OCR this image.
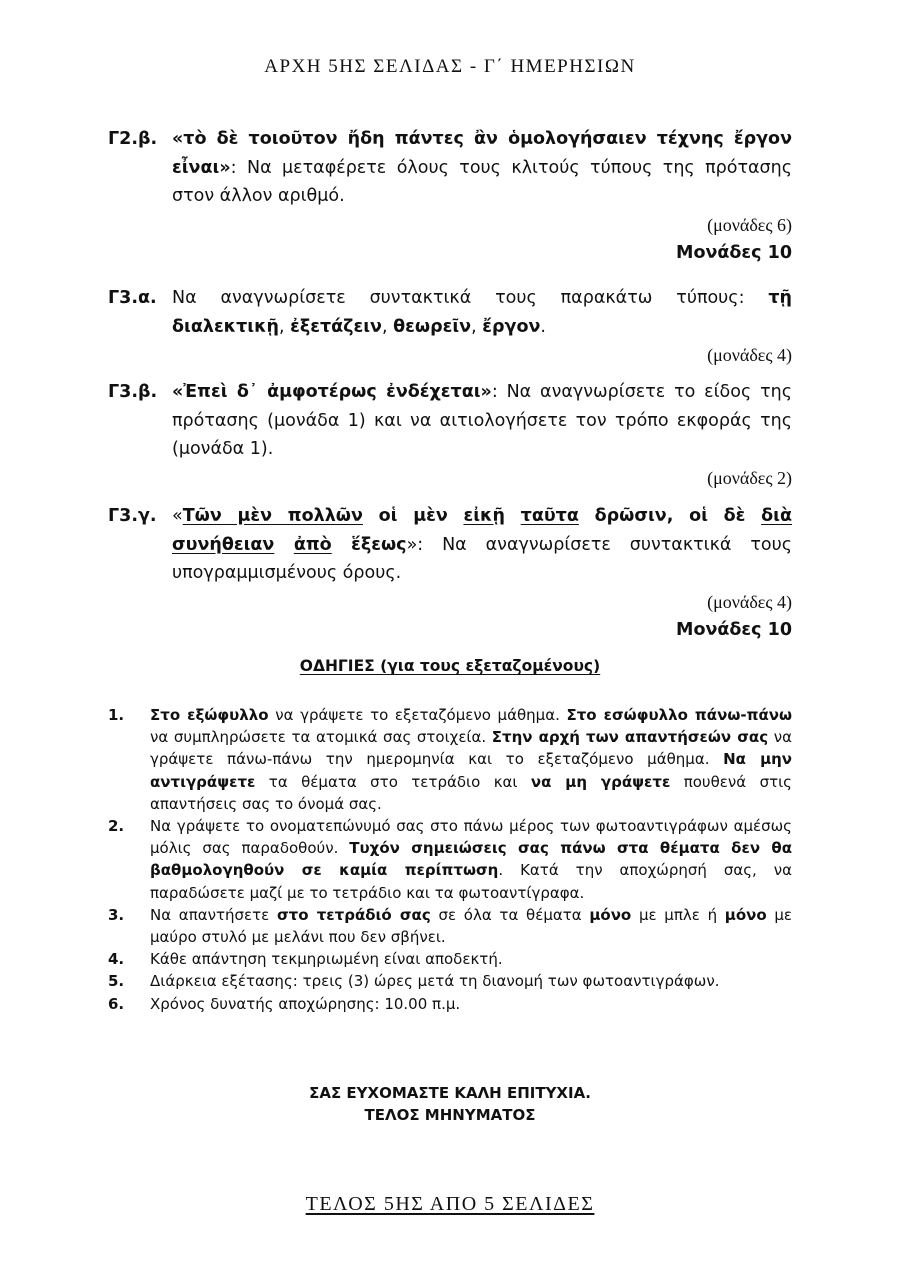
ΑΡΧΗ 5ΗΣ ΣΕΛΙΔΑΣ - Γ΄ ΗΜΕΡΗΣΙΩΝ
Γ2.β. «τὸ δὲ τοιοῦτον ἤδη πάντες ἂν ὁμολογήσαιεν τέχνης ἔργον εἶναι»: Να μεταφέρετε όλους τους κλιτούς τύπους της πρότασης στον άλλον αριθμό.
(μονάδες 6)
Μονάδες 10
Γ3.α. Να αναγνωρίσετε συντακτικά τους παρακάτω τύπους: τῇ διαλεκτικῇ, ἐξετάζειν, θεωρεῖν, ἔργον.
(μονάδες 4)
Γ3.β. «Ἐπεὶ δ᾽ ἀμφοτέρως ἐνδέχεται»: Να αναγνωρίσετε το είδος της πρότασης (μονάδα 1) και να αιτιολογήσετε τον τρόπο εκφοράς της (μονάδα 1).
(μονάδες 2)
Γ3.γ. «Τῶν μὲν πολλῶν οἱ μὲν εἰκῇ ταῦτα δρῶσιν, οἱ δὲ διὰ συνήθειαν ἀπὸ ἕξεως»: Να αναγνωρίσετε συντακτικά τους υπογραμμισμένους όρους.
(μονάδες 4)
Μονάδες 10
ΟΔΗΓΙΕΣ (για τους εξεταζομένους)
1. Στο εξώφυλλο να γράψετε το εξεταζόμενο μάθημα. Στο εσώφυλλο πάνω-πάνω να συμπληρώσετε τα ατομικά σας στοιχεία. Στην αρχή των απαντήσεών σας να γράψετε πάνω-πάνω την ημερομηνία και το εξεταζόμενο μάθημα. Να μην αντιγράψετε τα θέματα στο τετράδιο και να μη γράψετε πουθενά στις απαντήσεις σας το όνομά σας.
2. Να γράψετε το ονοματεπώνυμό σας στο πάνω μέρος των φωτοαντιγράφων αμέσως μόλις σας παραδοθούν. Τυχόν σημειώσεις σας πάνω στα θέματα δεν θα βαθμολογηθούν σε καμία περίπτωση. Κατά την αποχώρησή σας, να παραδώσετε μαζί με το τετράδιο και τα φωτοαντίγραφα.
3. Να απαντήσετε στο τετράδιό σας σε όλα τα θέματα μόνο με μπλε ή μόνο με μαύρο στυλό με μελάνι που δεν σβήνει.
4. Κάθε απάντηση τεκμηριωμένη είναι αποδεκτή.
5. Διάρκεια εξέτασης: τρεις (3) ώρες μετά τη διανομή των φωτοαντιγράφων.
6. Χρόνος δυνατής αποχώρησης: 10.00 π.μ.
ΣΑΣ ΕΥΧΟΜΑΣΤΕ ΚΑΛΗ ΕΠΙΤΥΧΙΑ.
ΤΕΛΟΣ ΜΗΝΥΜΑΤΟΣ
ΤΕΛΟΣ 5ΗΣ ΑΠΟ 5 ΣΕΛΙΔΕΣ
